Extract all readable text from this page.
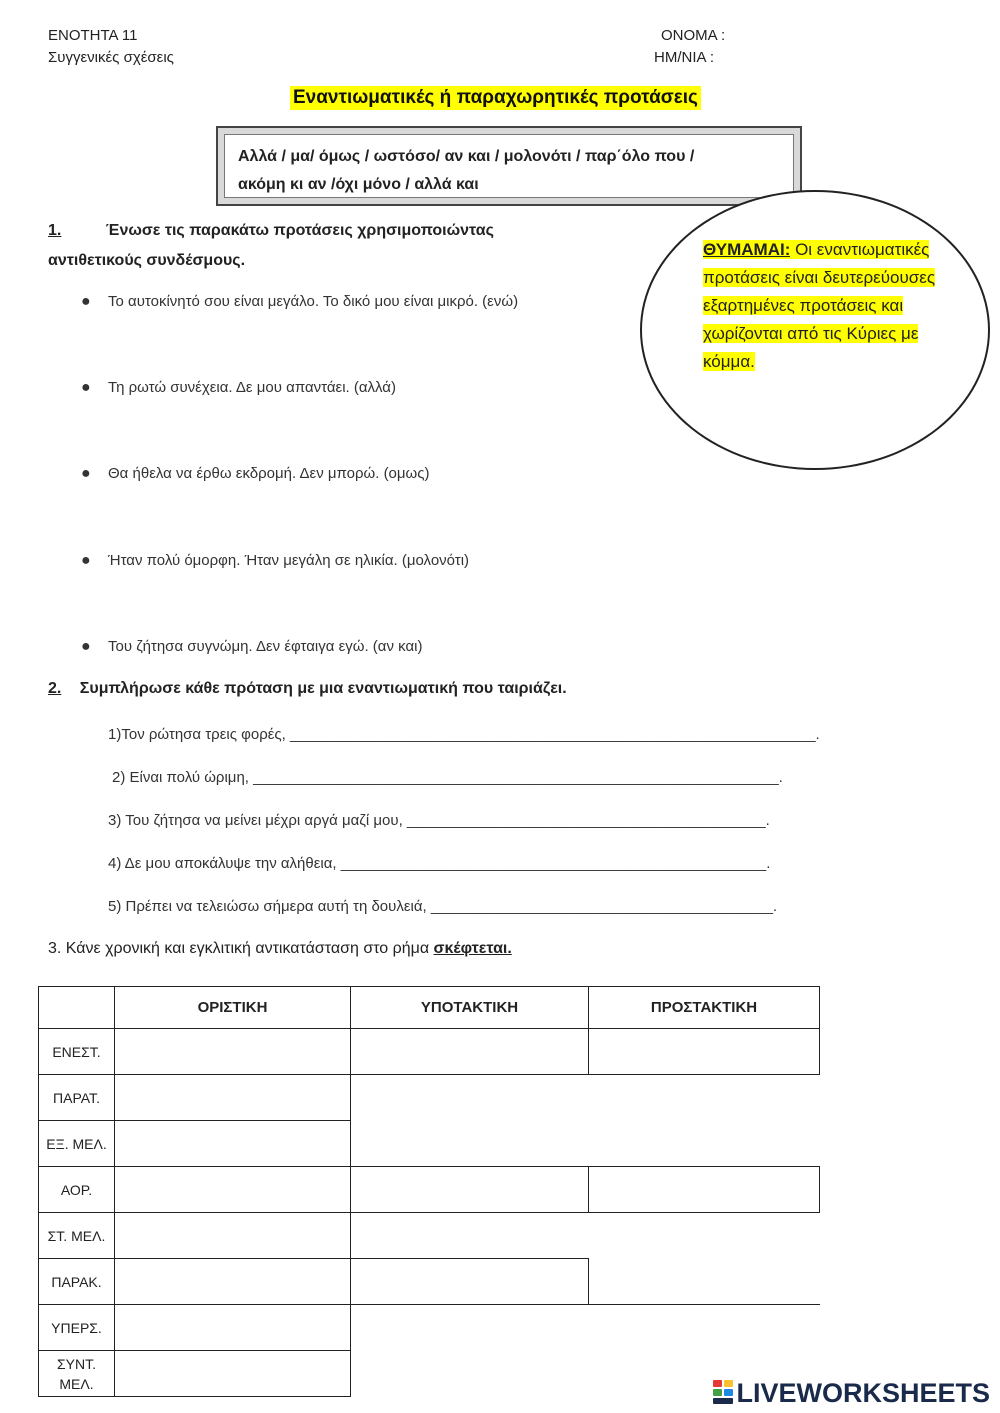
ΕΝΟΤΗΤΑ 11
Συγγενικές σχέσεις
ΟΝΟΜΑ :
ΗΜ/ΝΙΑ :
Εναντιωματικές ή παραχωρητικές προτάσεις
Αλλά / μα/ όμως / ωστόσο/ αν και / μολονότι / παρ΄όλο που /
ακόμη κι αν /όχι μόνο / αλλά και
ΘΥΜΑΜΑΙ: Οι εναντιωματικές προτάσεις είναι δευτερεύουσες εξαρτημένες προτάσεις και χωρίζονται από τις Κύριες με κόμμα.
1.	Ένωσε τις παρακάτω προτάσεις χρησιμοποιώντας αντιθετικούς συνδέσμους.
● Το αυτοκίνητό σου είναι μεγάλο. Το δικό μου είναι μικρό. (ενώ)
● Τη ρωτώ συνέχεια. Δε μου απαντάει. (αλλά)
● Θα ήθελα να έρθω εκδρομή. Δεν μπορώ. (ομως)
● Ήταν πολύ όμορφη. Ήταν μεγάλη σε ηλικία. (μολονότι)
● Του ζήτησα συγνώμη. Δεν έφταιγα εγώ. (αν και)
2. Συμπλήρωσε κάθε πρόταση με μια εναντιωματική που ταιριάζει.
1)Τον ρώτησα τρεις φορές, _______________________________________________________________.
2) Είναι πολύ ώριμη, _______________________________________________________________.
3) Του ζήτησα να μείνει μέχρι αργά μαζί μου, ___________________________________________.
4) Δε μου αποκάλυψε την αλήθεια, ___________________________________________________.
5) Πρέπει να τελειώσω σήμερα αυτή τη δουλειά, _________________________________________.
3. Κάνε χρονική και εγκλιτική αντικατάσταση στο ρήμα σκέφτεται.
	ΟΡΙΣΤΙΚΗ	ΥΠΟΤΑΚΤΙΚΗ	ΠΡΟΣΤΑΚΤΙΚΗ
ΕΝΕΣΤ.			
ΠΑΡΑΤ.			
ΕΞ. ΜΕΛ.			
ΑΟΡ.			
ΣΤ. ΜΕΛ.			
ΠΑΡΑΚ.			
ΥΠΕΡΣ.			
ΣΥΝΤ. ΜΕΛ.				LIVEWORKSHEETS
